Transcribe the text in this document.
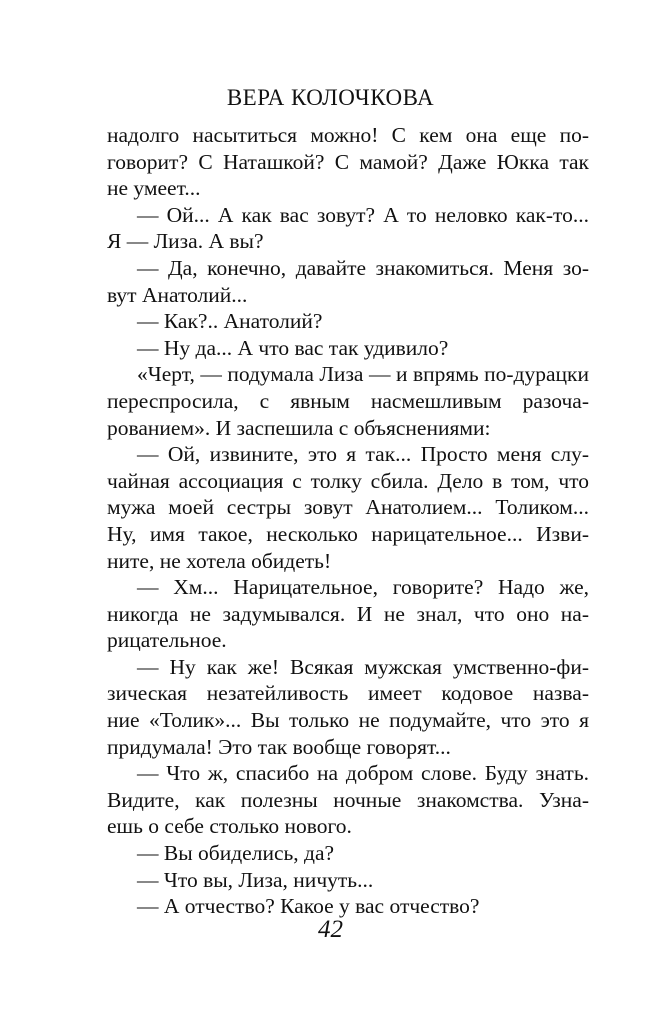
ВЕРА КОЛОЧКОВА
надолго насытиться можно! С кем она еще по-
говорит? С Наташкой? С мамой? Даже Юкка так
не умеет...
— Ой... А как вас зовут? А то неловко как-то...
Я — Лиза. А вы?
— Да, конечно, давайте знакомиться. Меня зо-
вут Анатолий...
— Как?.. Анатолий?
— Ну да... А что вас так удивило?
«Черт, — подумала Лиза — и впрямь по-дурацки
переспросила, с явным насмешливым разоча-
рованием». И заспешила с объяснениями:
— Ой, извините, это я так... Просто меня слу-
чайная ассоциация с толку сбила. Дело в том, что
мужа моей сестры зовут Анатолием... Толиком...
Ну, имя такое, несколько нарицательное... Изви-
ните, не хотела обидеть!
— Хм... Нарицательное, говорите? Надо же,
никогда не задумывался. И не знал, что оно на-
рицательное.
— Ну как же! Всякая мужская умственно-фи-
зическая незатейливость имеет кодовое назва-
ние «Толик»... Вы только не подумайте, что это я
придумала! Это так вообще говорят...
— Что ж, спасибо на добром слове. Буду знать.
Видите, как полезны ночные знакомства. Узна-
ешь о себе столько нового.
— Вы обиделись, да?
— Что вы, Лиза, ничуть...
— А отчество? Какое у вас отчество?
42
